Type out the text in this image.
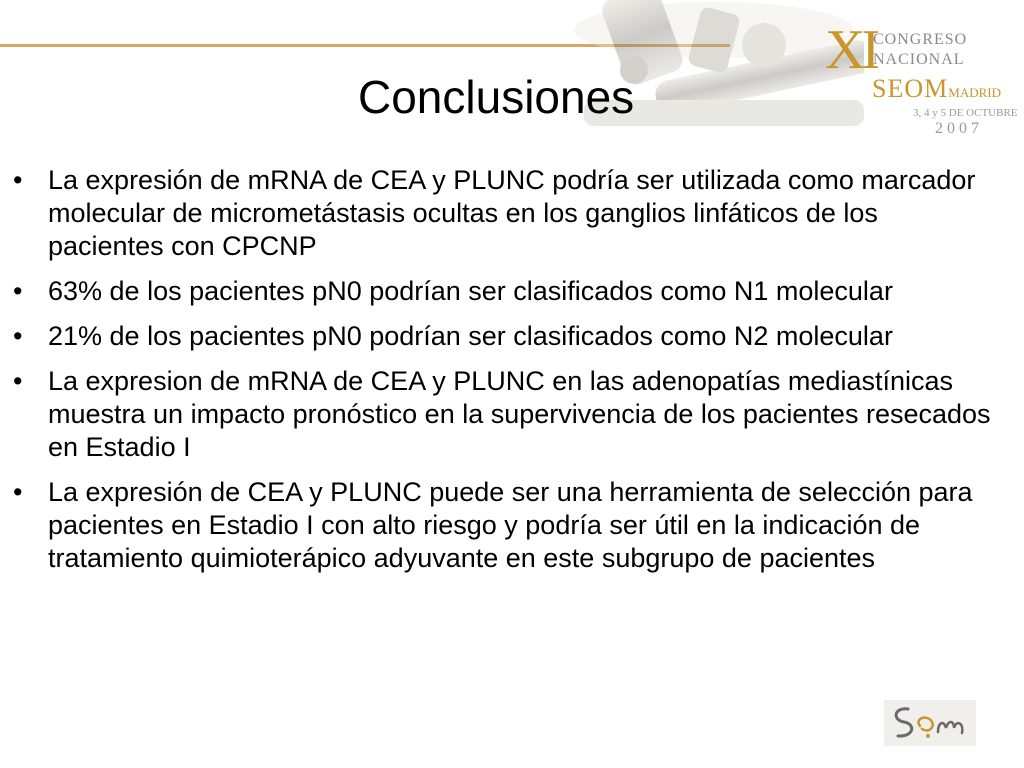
Conclusiones
XI
CONGRESO
NACIONAL
SEOMMADRID
3, 4 y 5 DE OCTUBRE
2007
• La expresión de mRNA de CEA y PLUNC podría ser utilizada como marcador molecular de micrometástasis ocultas en los ganglios linfáticos de los pacientes con CPCNP
• 63% de los pacientes pN0 podrían ser clasificados como N1 molecular
• 21% de los pacientes pN0 podrían ser clasificados como N2 molecular
• La expresion de mRNA de CEA y PLUNC en las adenopatías mediastínicas muestra un impacto pronóstico en la supervivencia de los pacientes resecados en Estadio I
• La expresión de CEA y PLUNC puede ser una herramienta de selección para pacientes en Estadio I con alto riesgo y podría ser útil en la indicación de tratamiento quimioterápico adyuvante en este subgrupo de pacientes
